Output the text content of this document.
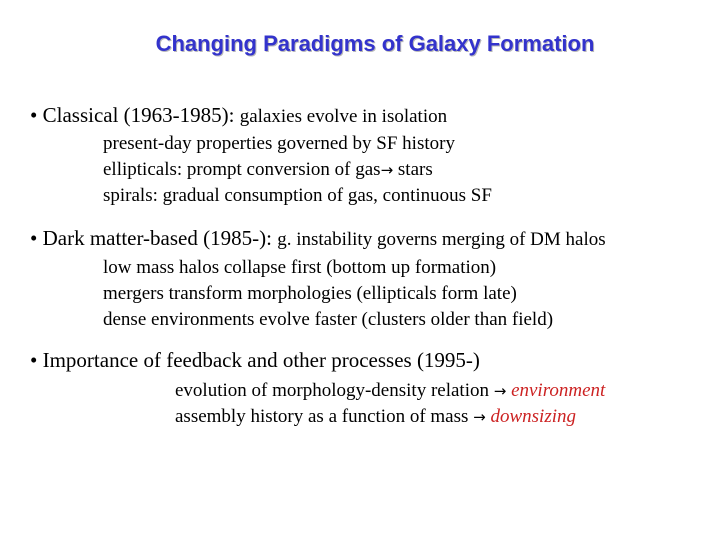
Changing Paradigms of Galaxy Formation
• Classical (1963-1985): galaxies evolve in isolation
present-day properties governed by SF history
ellipticals: prompt conversion of gas→ stars
spirals: gradual consumption of gas, continuous SF
• Dark matter-based (1985-): g. instability governs merging of DM halos
low mass halos collapse first (bottom up formation)
mergers transform morphologies (ellipticals form late)
dense environments evolve faster (clusters older than field)
• Importance of feedback and other processes (1995-)
evolution of morphology-density relation → environment
assembly history as a function of mass → downsizing
